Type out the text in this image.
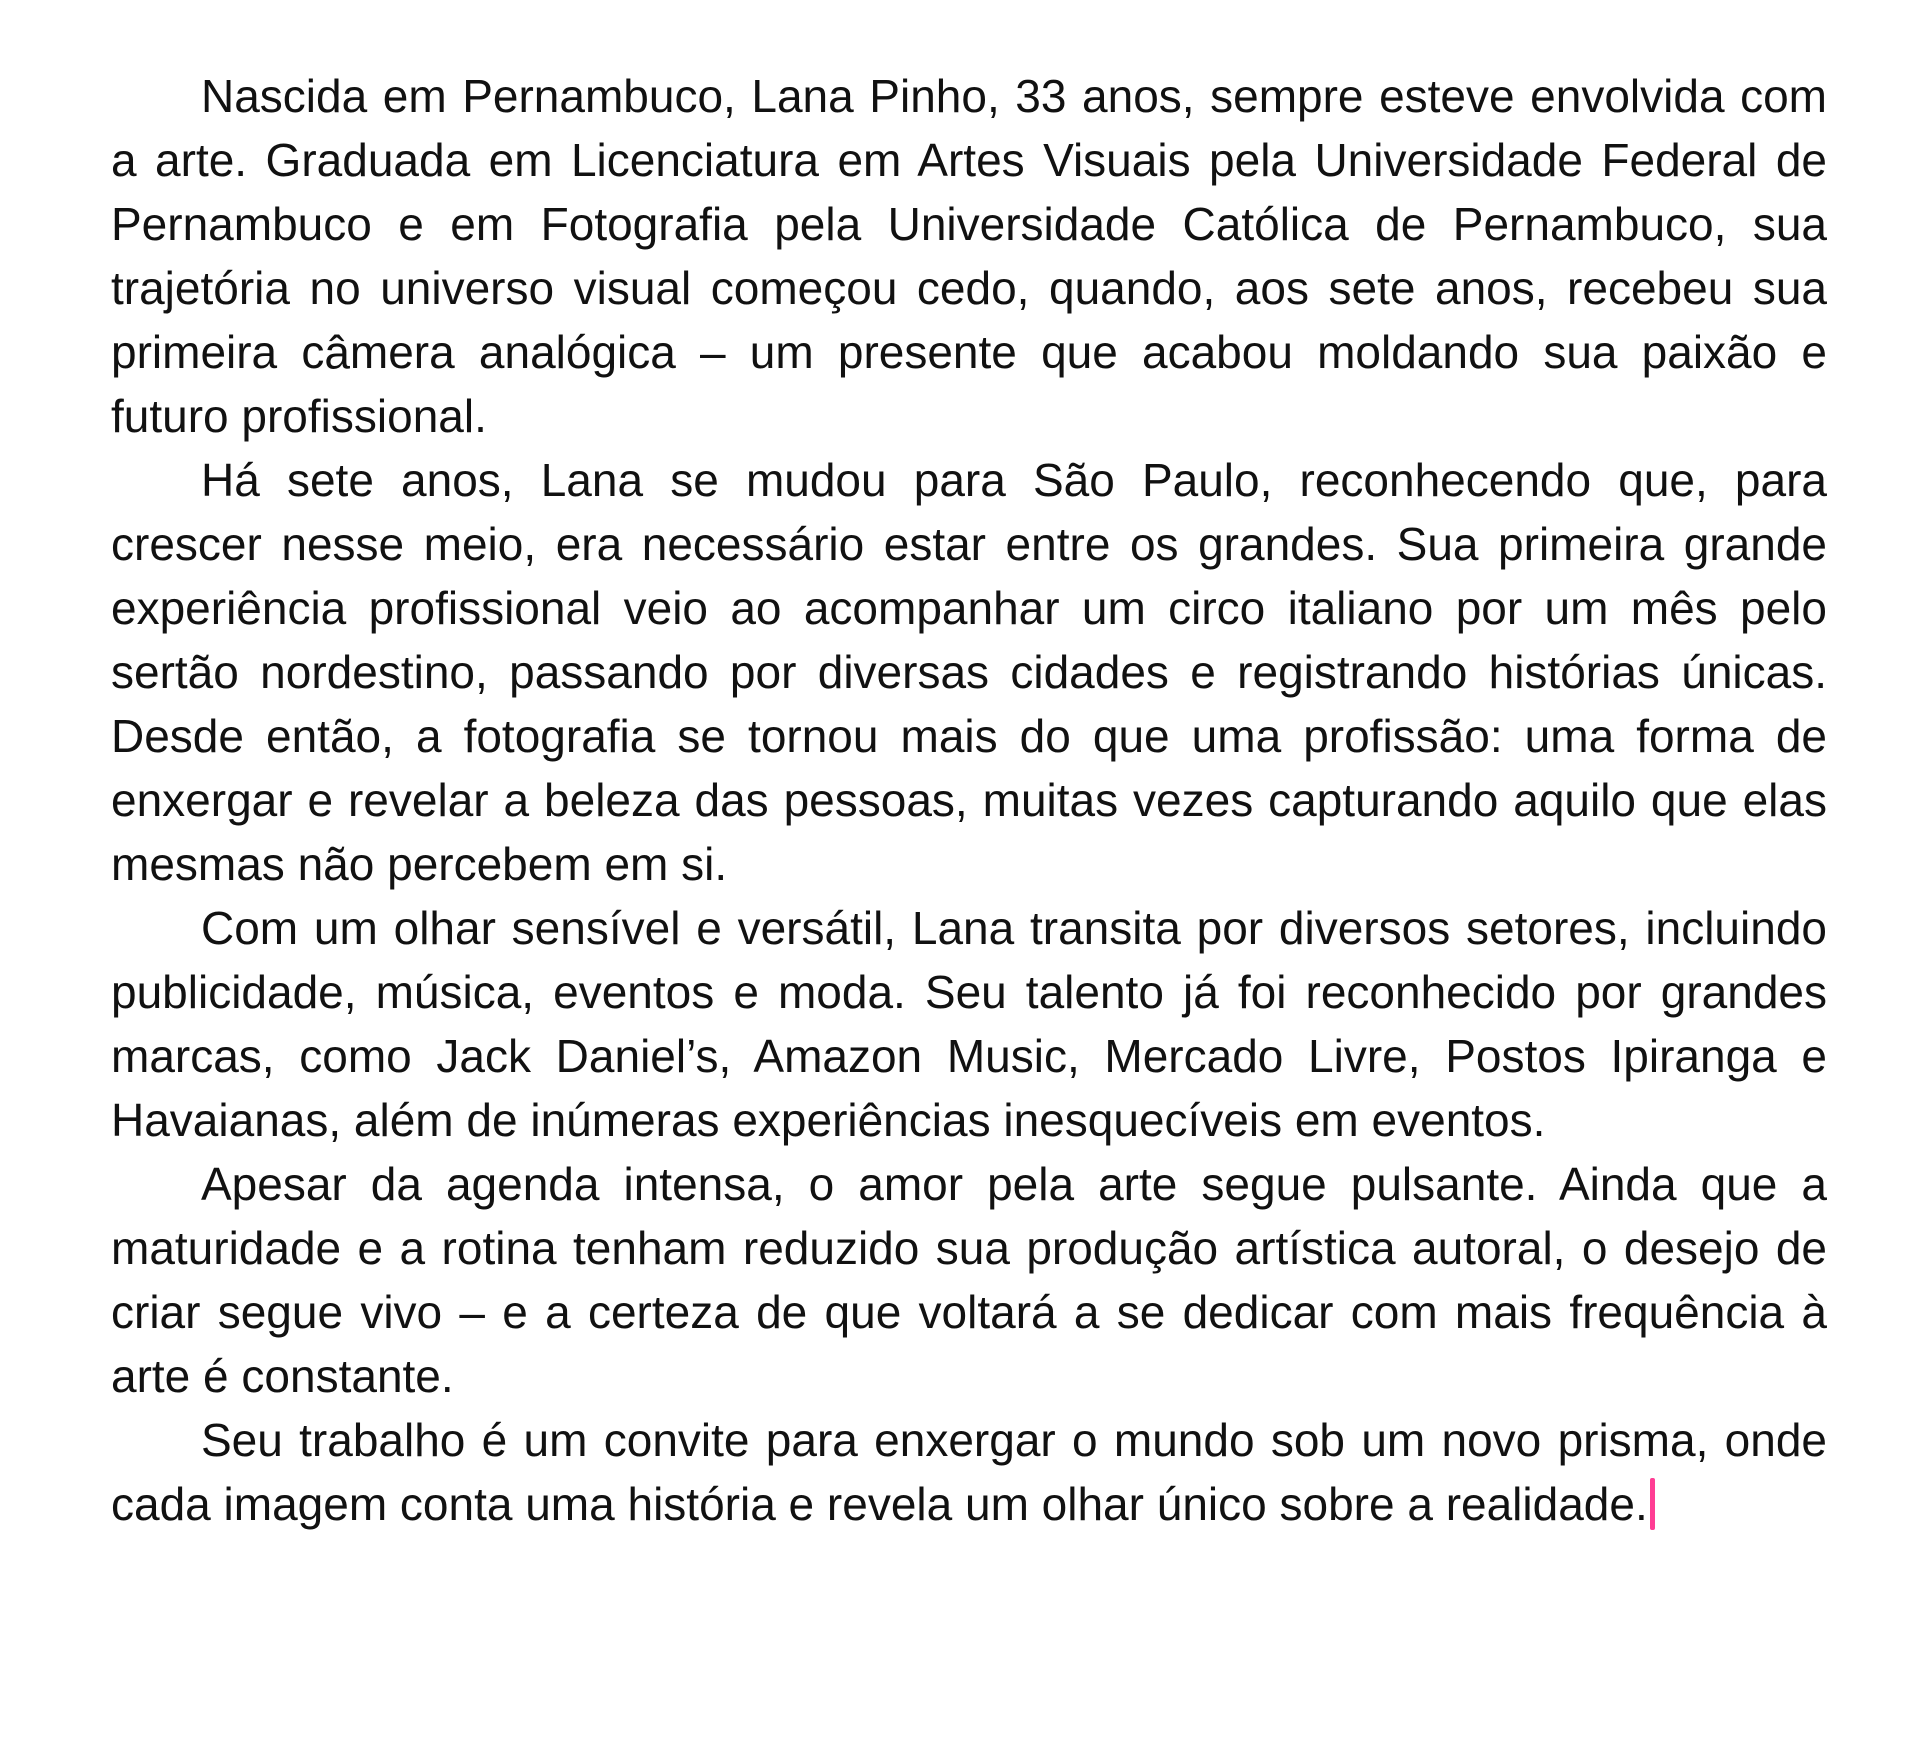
Nascida em Pernambuco, Lana Pinho, 33 anos, sempre esteve envolvida com a arte. Graduada em Licenciatura em Artes Visuais pela Universidade Federal de Pernambuco e em Fotografia pela Universidade Católica de Pernambuco, sua trajetória no universo visual começou cedo, quando, aos sete anos, recebeu sua primeira câmera analógica – um presente que acabou moldando sua paixão e futuro profissional.

Há sete anos, Lana se mudou para São Paulo, reconhecendo que, para crescer nesse meio, era necessário estar entre os grandes. Sua primeira grande experiência profissional veio ao acompanhar um circo italiano por um mês pelo sertão nordestino, passando por diversas cidades e registrando histórias únicas. Desde então, a fotografia se tornou mais do que uma profissão: uma forma de enxergar e revelar a beleza das pessoas, muitas vezes capturando aquilo que elas mesmas não percebem em si.

Com um olhar sensível e versátil, Lana transita por diversos setores, incluindo publicidade, música, eventos e moda. Seu talento já foi reconhecido por grandes marcas, como Jack Daniel’s, Amazon Music, Mercado Livre, Postos Ipiranga e Havaianas, além de inúmeras experiências inesquecíveis em eventos.

Apesar da agenda intensa, o amor pela arte segue pulsante. Ainda que a maturidade e a rotina tenham reduzido sua produção artística autoral, o desejo de criar segue vivo – e a certeza de que voltará a se dedicar com mais frequência à arte é constante.

Seu trabalho é um convite para enxergar o mundo sob um novo prisma, onde cada imagem conta uma história e revela um olhar único sobre a realidade.
